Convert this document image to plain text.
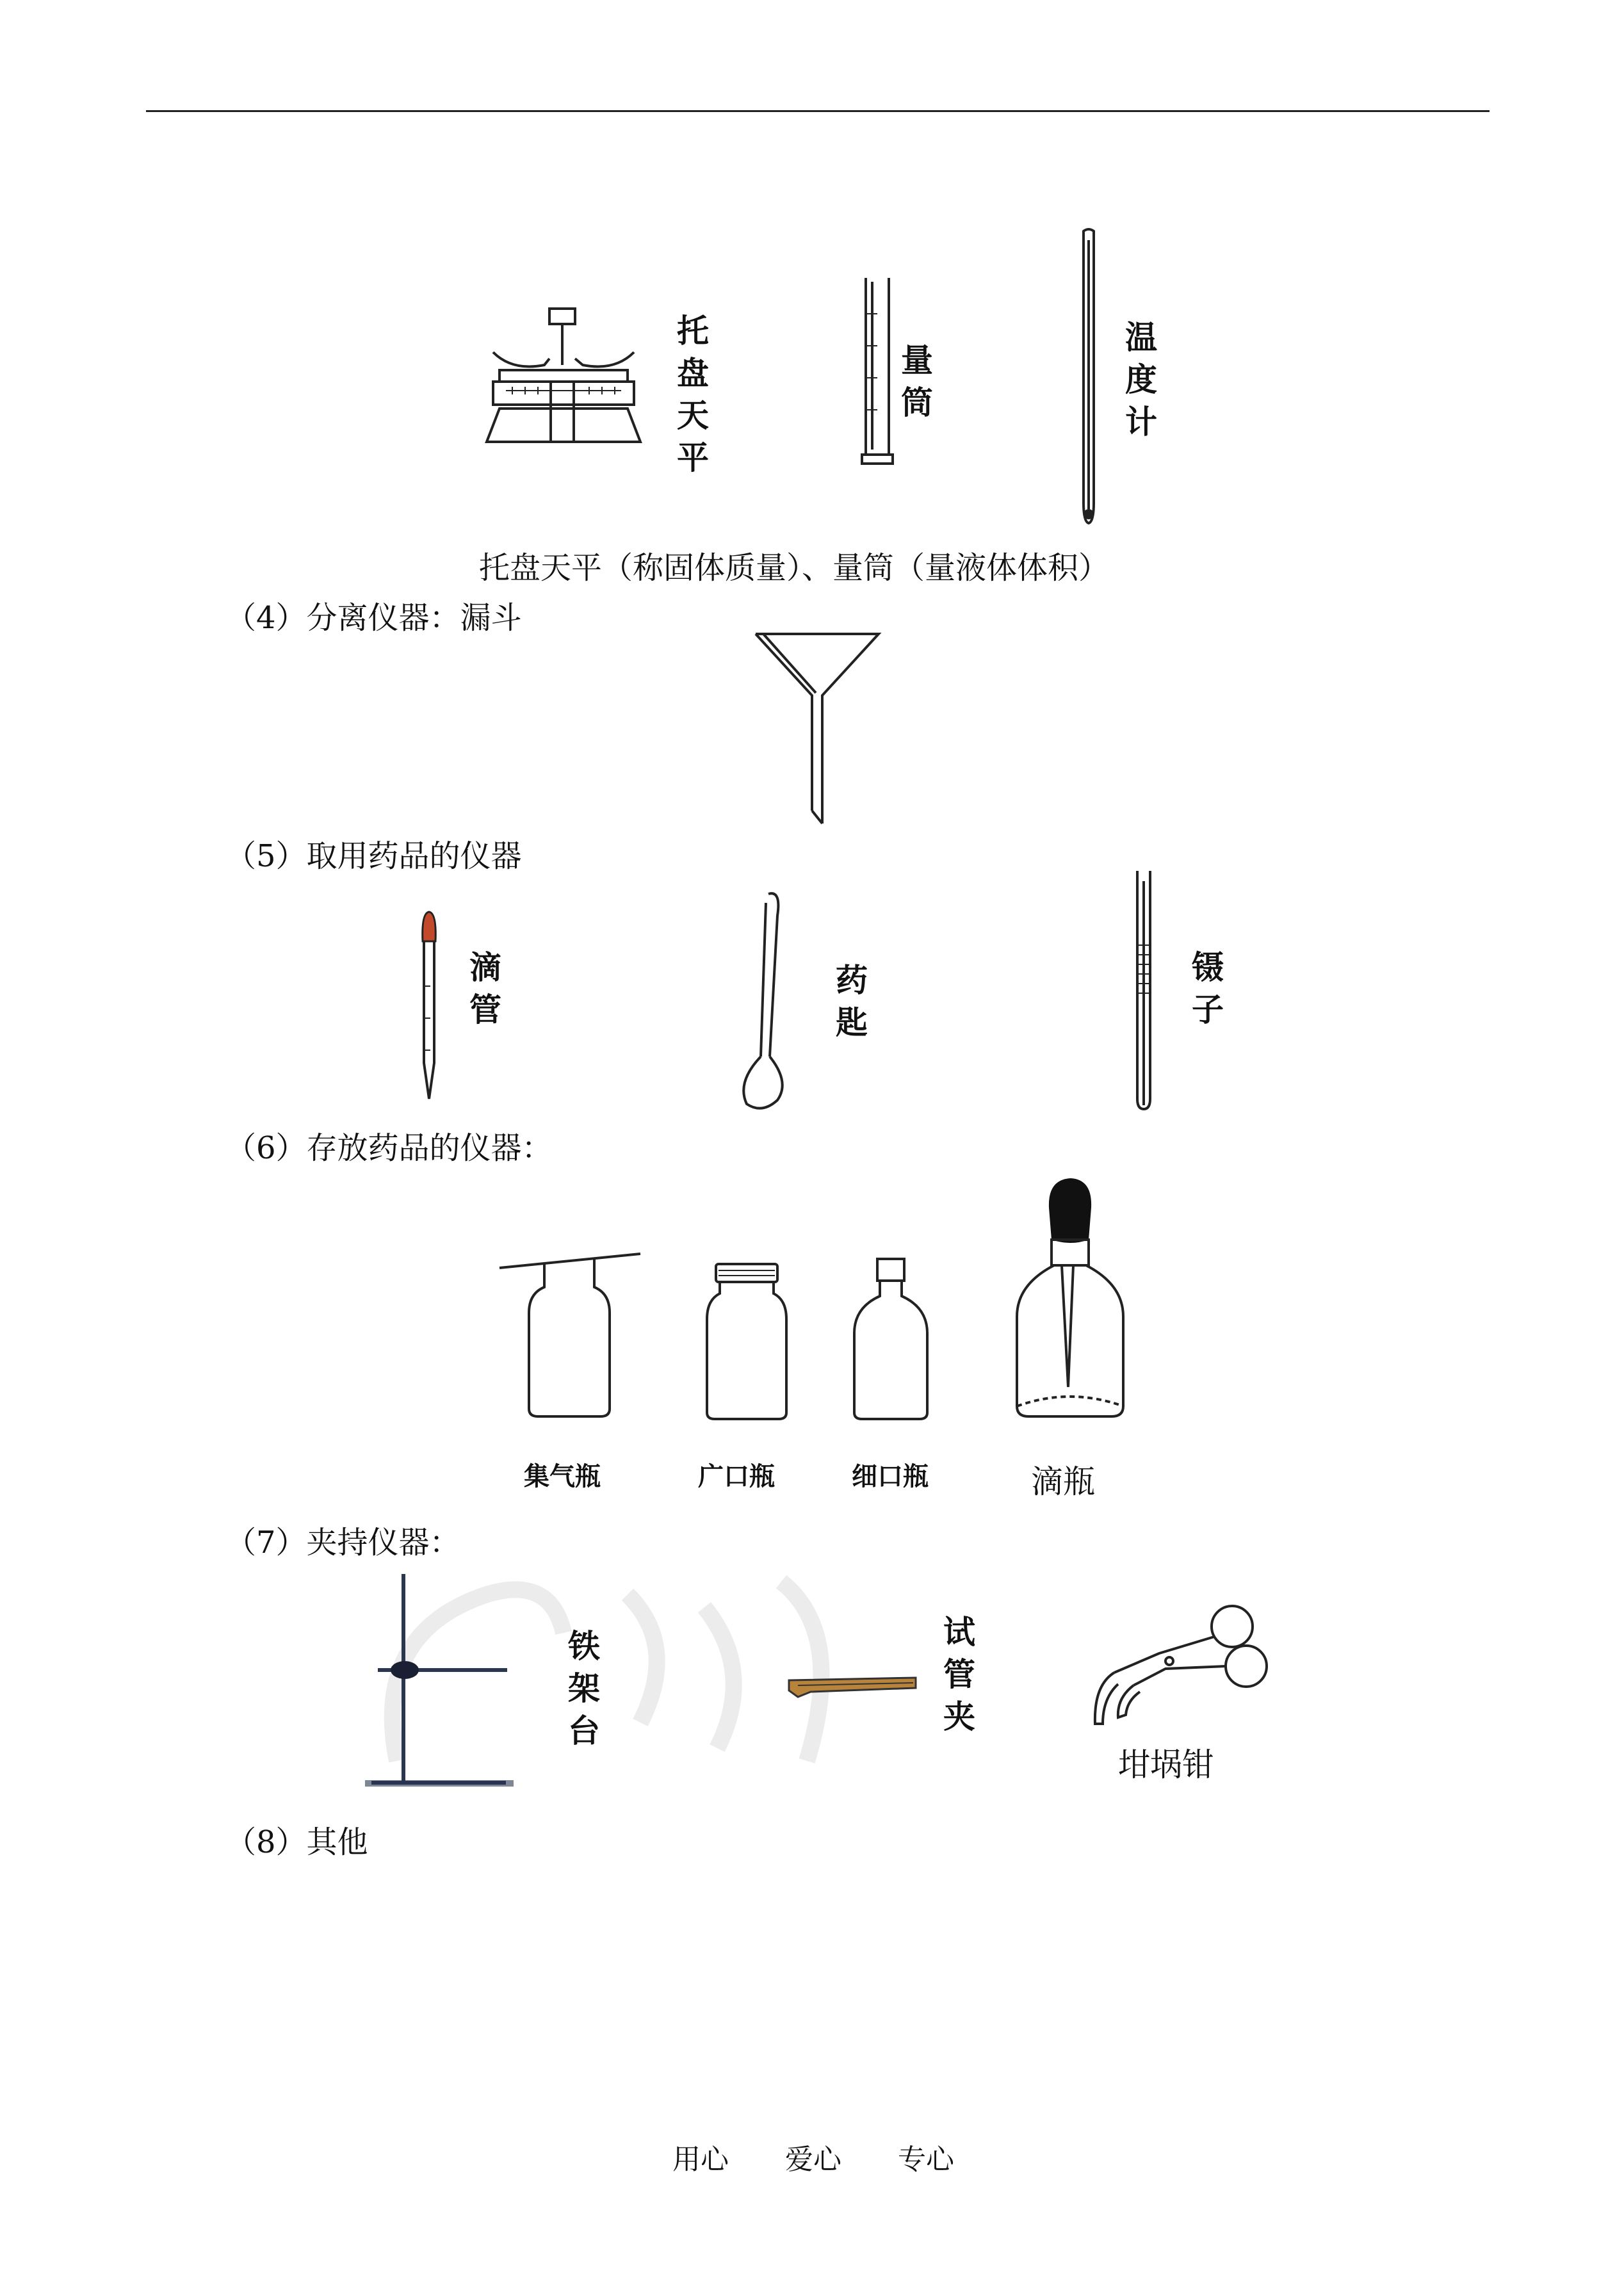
托
盘
天
平
量
筒
温
度
计
托盘天平（称固体质量）、量筒（量液体体积）
（4）分离仪器：漏斗
（5）取用药品的仪器
滴
管
药
匙
镊
子
（6）存放药品的仪器：
集气瓶	广口瓶	细口瓶	滴瓶
（7）夹持仪器：
铁
架
台
试
管
夹
坩埚钳
（8）其他
用心 爱心 专心
